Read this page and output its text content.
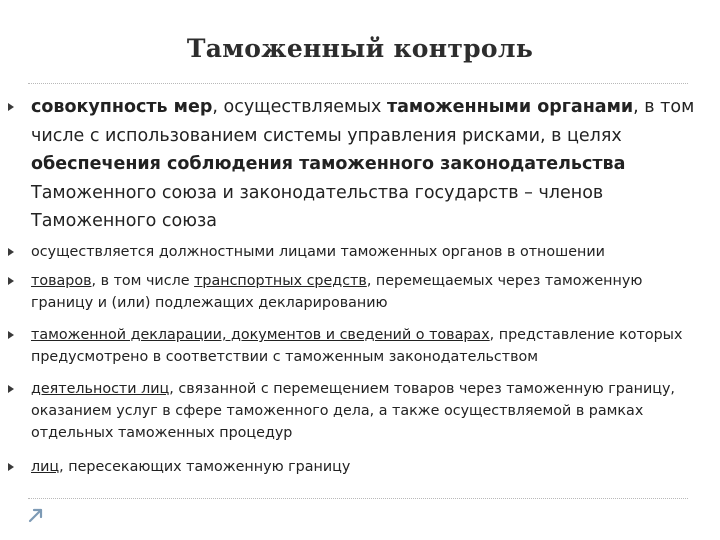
Таможенный контроль
совокупность мер, осуществляемых таможенными органами, в том числе с использованием системы управления рисками, в целях обеспечения соблюдения таможенного законодательства Таможенного союза и законодательства государств – членов Таможенного союза
осуществляется должностными лицами таможенных органов в отношении
товаров, в том числе транспортных средств, перемещаемых через таможенную границу и (или) подлежащих декларированию
таможенной декларации, документов и сведений о товарах, представление которых предусмотрено в соответствии с таможенным законодательством
деятельности лиц, связанной с перемещением товаров через таможенную границу, оказанием услуг в сфере таможенного дела, а также осуществляемой в рамках отдельных таможенных процедур
лиц, пересекающих таможенную границу
